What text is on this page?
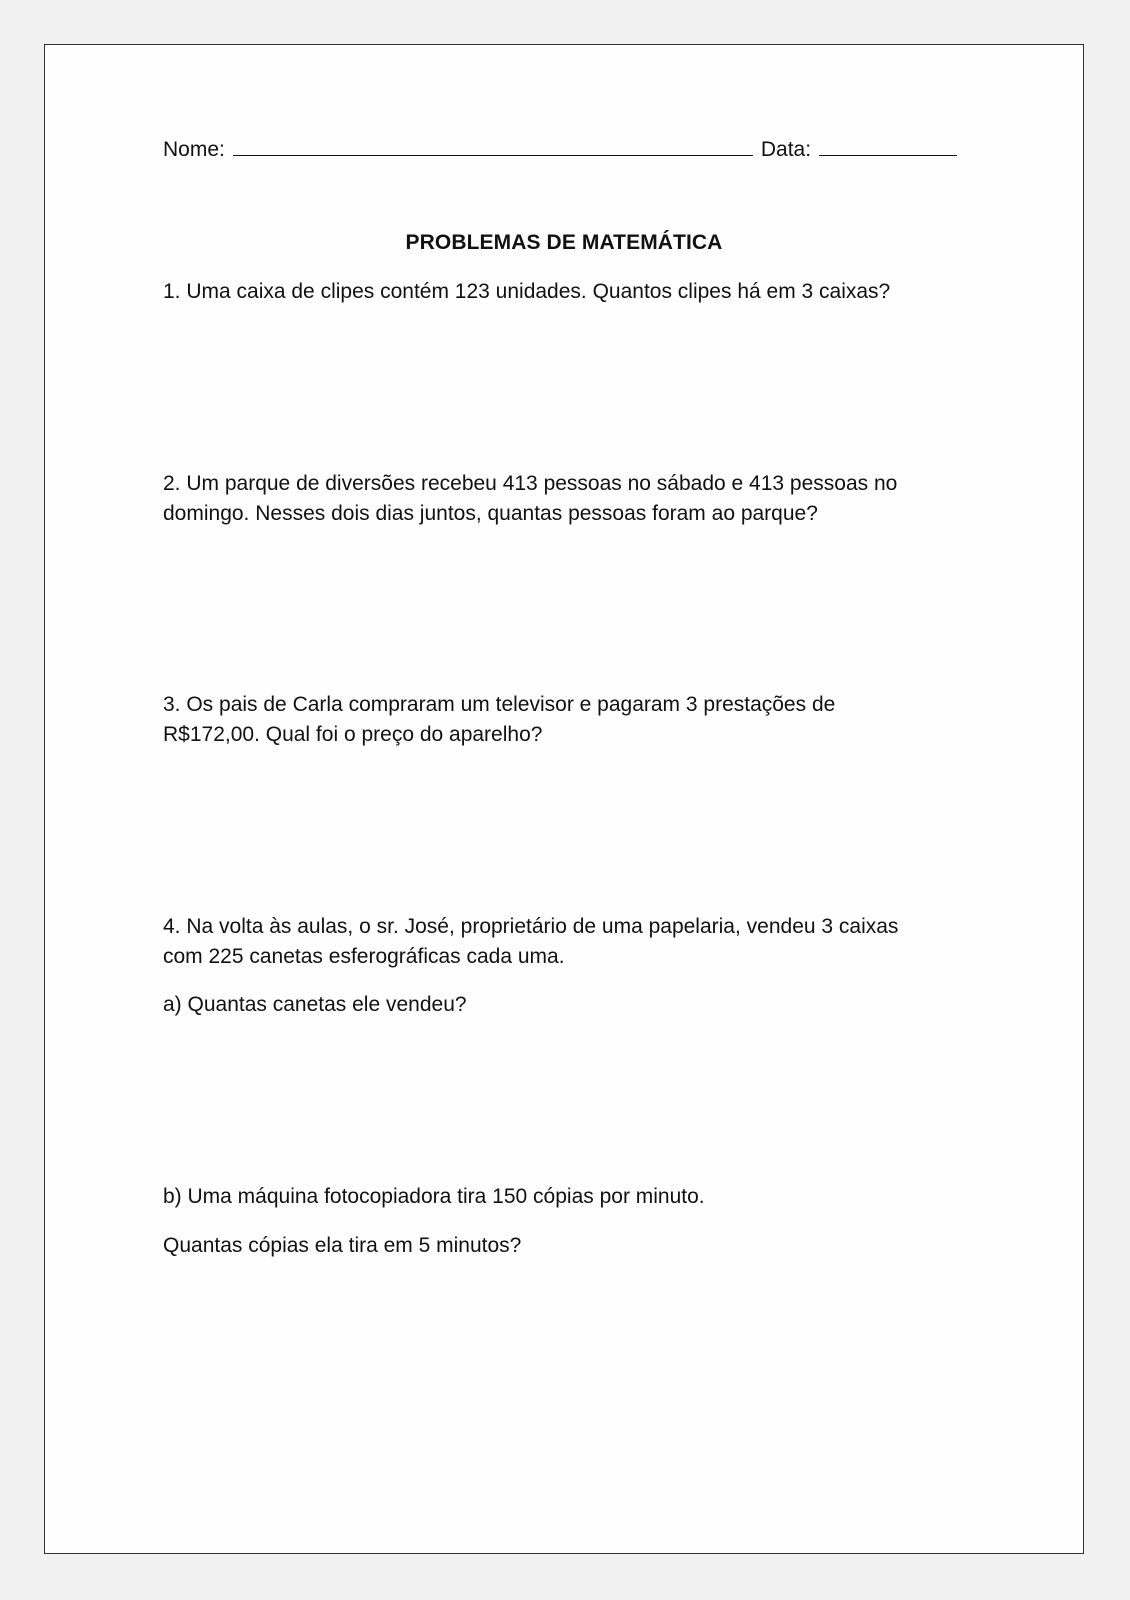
Nome:	Data:
PROBLEMAS DE MATEMÁTICA

1. Uma caixa de clipes contém 123 unidades. Quantos clipes há em 3 caixas?

2. Um parque de diversões recebeu 413 pessoas no sábado e 413 pessoas no
domingo. Nesses dois dias juntos, quantas pessoas foram ao parque?
3. Os pais de Carla compraram um televisor e pagaram 3 prestações de
R$172,00. Qual foi o preço do aparelho?
4. Na volta às aulas, o sr. José, proprietário de uma papelaria, vendeu 3 caixas
com 225 canetas esferográficas cada uma.

a) Quantas canetas ele vendeu?

b) Uma máquina fotocopiadora tira 150 cópias por minuto.

Quantas cópias ela tira em 5 minutos?
